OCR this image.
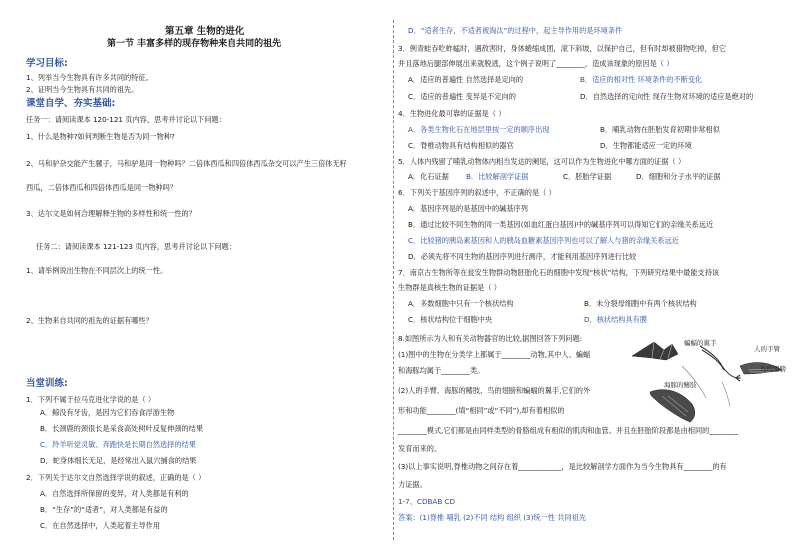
第五章 生物的进化
第一节 丰富多样的现存物种来自共同的祖先
学习目标:
1、列举当今生物具有许多共同的特征。
2、证明当今生物具有共同的祖先。
课堂自学、夯实基础:
任务一：请阅读课本 120-121 页内容，思考并讨论以下问题：
1、什么是物种?如何判断生物是否为同一物种?
2、马和驴杂交能产生骡子，马和驴是同一物种吗？二倍体西瓜和四倍体西瓜杂交可以产生三倍体无籽
西瓜，二倍体西瓜和四倍体西瓜是同一物种吗？
3、达尔文是如何合理解释生物的多样性和统一性的？
任务二：请阅读课本 121-123 页内容，思考并讨论以下问题：
1、请举例说出生物在不同层次上的统一性。
2、生物来自共同的祖先的证据有哪些？
当堂训练:
1．下列不属于拉马克进化学说的是（ ）
A．鲸没有牙齿，是因为它们吞食浮游生物
B．长颈鹿的颈很长是采食高处树叶反复伸颈的结果
C．羚羊听觉灵敏、奔跑快是长期自然选择的结果
D．蛇身体细长无足，是经常出入鼠穴捕食的结果
2．下列关于达尔文自然选择学说的叙述，正确的是（ ）
A．自然选择所保留的变异，对人类都是有利的
B．“生存”的“适者”，对人类都是有益的
C．在自然选择中，人类起着主导作用
D．“适者生存，不适者被淘汰”的过程中，起主导作用的是环境条件
3．例青蛙吞吃蚱蜢时，遇敌害时，身体蜷缩成团，滚下斜坡，以保护自己，但有时却被猎物吃掉，但它
并且落地后腿部伸展出来就脱逃，这个例子说明了________，造成该现象的原因是（ ）
A．适应的普遍性 自然选择是定向的	B．适应的相对性 环境条件的不断变化
C．适应的普遍性 变异是不定向的	D．自然选择的定向性 现存生物对环境的适应是绝对的
4．生物进化最可靠的证据是（ ）
A．各类生物化石在地层里按一定的顺序出现	B．哺乳动物在胚胎发育初期非常相似
C．脊椎动物具有结构相似的器官	D．生物都能适应一定的环境
5．人体内残留了哺乳动物体内相当发达的阑尾，这可以作为生物进化中哪方面的证据（ ）
A．化石证据 B．比较解剖学证据	C．胚胎学证据	D．细胞和分子水平的证据
6．下列关于基因序列的叙述中，不正确的是（ ）
A．基因序列是的是基因中的碱基序列
B．通过比较不同生物的同一类基因(如血红蛋白基因)中的碱基序列可以得知它们的亲缘关系远近
C．比较猪的胰岛素基因和人的胰岛血糖素基因序列也可以了解人与猪的亲缘关系远近
D．必须先将不同生物的基因序列进行测序，才能利用基因序列进行比较
7．南京古生物所等在瓮安生物群动物胚胎化石的细胞中发现“核状”结构，下列研究结果中最能支持该
生物群是真核生物的证据是（ ）
A．多数细胞中只有一个核状结构	B．未分裂母细胞中有两个核状结构
C．核状结构位于细胞中央	D．核状结构具有膜
8.如图所示为人和有关动物器官的比较,据图回答下列问题:
(1)图中的生物在分类学上都属于________动物,其中人、蝙蝠
和海豚均属于________类。
(2)人的手臂、海豚的鳍肢、鸟的翅膀和蝙蝠的翼手,它们的外
形和功能________(填“相同”或“不同”),却有着相似的
________模式,它们都是由同样类型的骨胳组成有相似的肌肉和血管。并且在胚胎阶段都是由相同的________
发育而来的。
(3)以上事实说明,脊椎动物之间存在着____________，是比较解剖学方面作为当今生物具有________的有
力证据。
1-7、CDBAB CD
答案：(1)脊椎 哺乳 (2)不同 结构 组织 (3)统一性 共同祖先
蝙蝠的翼手
人的手臂
鸟的翅膀
海豚的鳍肢
